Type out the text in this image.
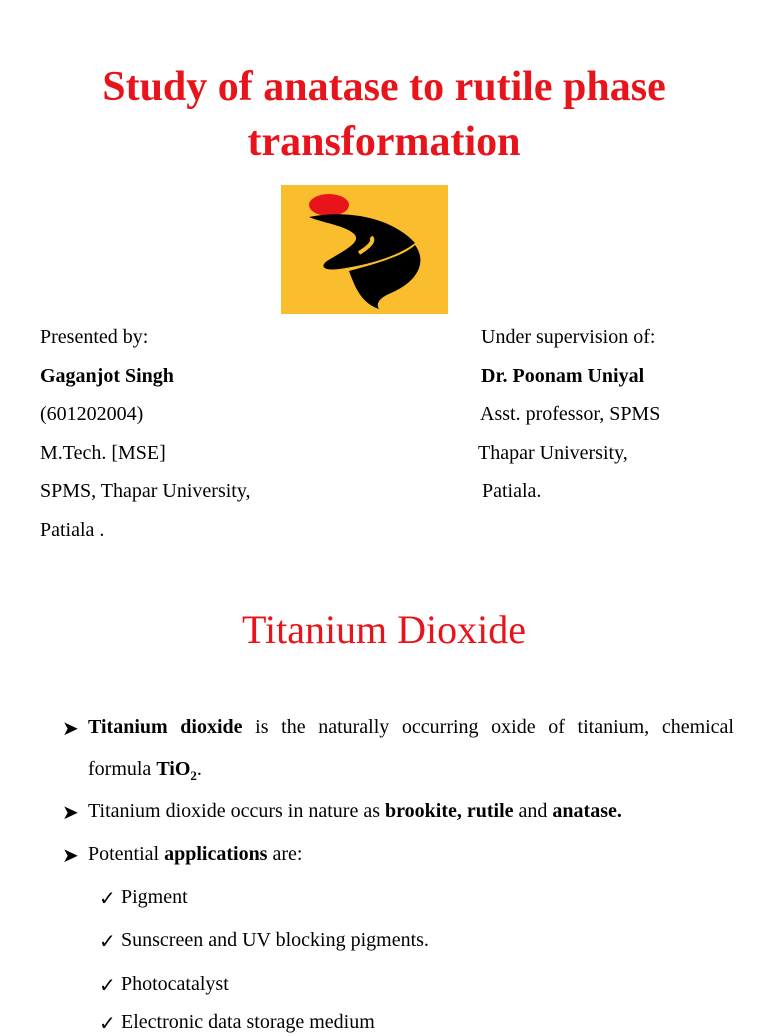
Study of anatase to rutile phase
transformation
Presented by:
Gaganjot Singh
(601202004)
M.Tech. [MSE]
SPMS, Thapar University,
Patiala .
Under supervision of:
Dr. Poonam Uniyal
Asst. professor, SPMS
Thapar University,
Patiala.
Titanium Dioxide
➤ Titanium dioxide is the naturally occurring oxide of titanium, chemical
formula TiO$_2$.
➤ Titanium dioxide occurs in nature as brookite, rutile and anatase.
➤ Potential applications are:
✓ Pigment
✓ Sunscreen and UV blocking pigments.
✓ Photocatalyst
✓ Electronic data storage medium
